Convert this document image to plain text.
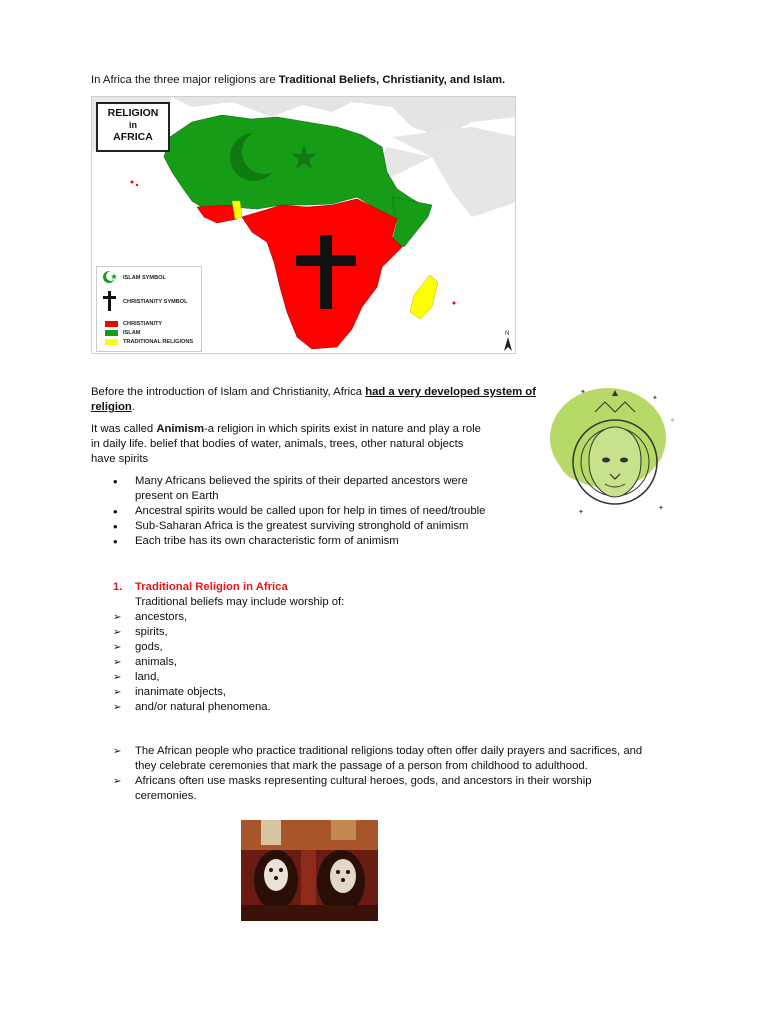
In Africa the three major religions are Traditional Beliefs, Christianity, and Islam.
N
RELIGION
in
AFRICA
ISLAM SYMBOL
CHRISTIANITY SYMBOL
CHRISTIANITY
ISLAM
TRADITIONAL RELIGIONS
Before the introduction of Islam and Christianity, Africa had a very developed system of religion.
It was called Animism-a religion in which spirits exist in nature and play a role
in daily life. belief that bodies of water, animals, trees, other natural objects
have spirits
✦
✦
✧
✦	✦
• Many Africans believed the spirits of their departed ancestors were present on Earth
• Ancestral spirits would be called upon for help in times of need/trouble
• Sub-Saharan Africa is the greatest surviving stronghold of animism
• Each tribe has its own characteristic form of animism
1. Traditional Religion in Africa
Traditional beliefs may include worship of:
➢ ancestors,
➢ spirits,
➢ gods,
➢ animals,
➢ land,
➢ inanimate objects,
➢ and/or natural phenomena.
➢ The African people who practice traditional religions today often offer daily prayers and sacrifices, and they celebrate ceremonies that mark the passage of a person from childhood to adulthood.
➢ Africans often use masks representing cultural heroes, gods, and ancestors in their worship ceremonies.
